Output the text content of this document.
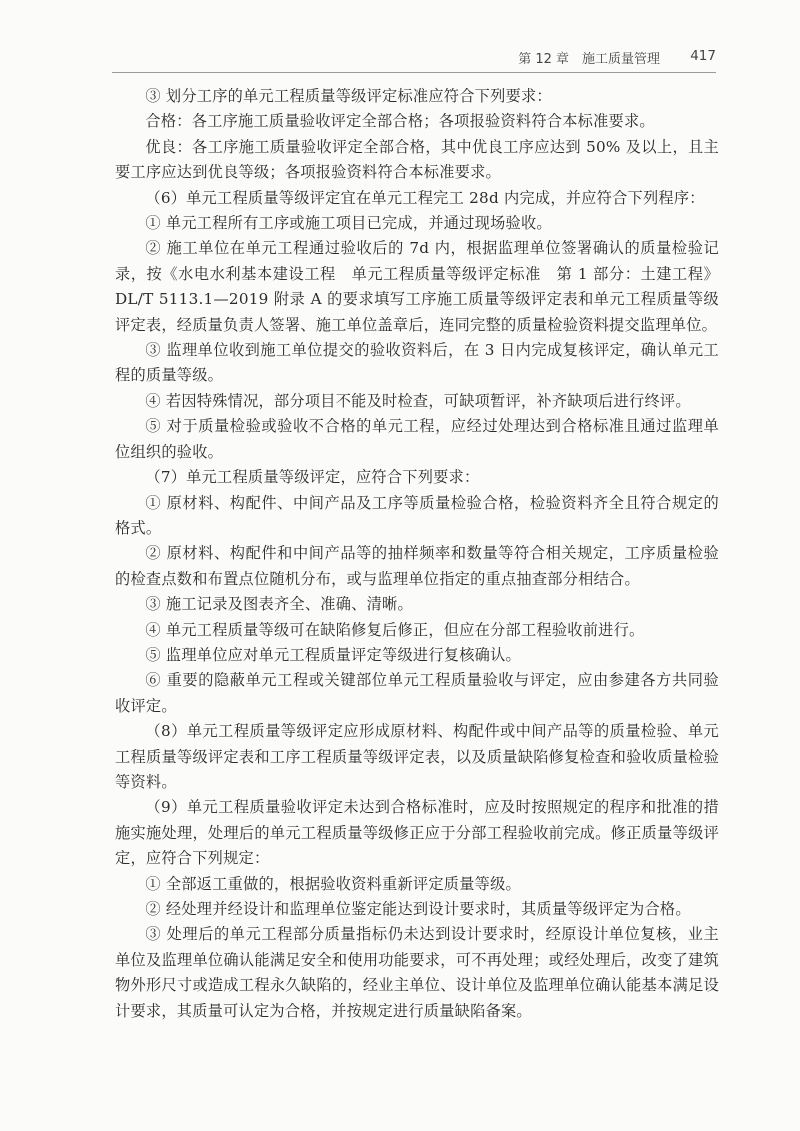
第 12 章　施工质量管理 417

③ 划分工序的单元工程质量等级评定标准应符合下列要求：

合格：各工序施工质量验收评定全部合格；各项报验资料符合本标准要求。

优良：各工序施工质量验收评定全部合格，其中优良工序应达到 50% 及以上，且主要工序应达到优良等级；各项报验资料符合本标准要求。

（6）单元工程质量等级评定宜在单元工程完工 28d 内完成，并应符合下列程序：

① 单元工程所有工序或施工项目已完成，并通过现场验收。

② 施工单位在单元工程通过验收后的 7d 内，根据监理单位签署确认的质量检验记录，按《水电水利基本建设工程　单元工程质量等级评定标准　第 1 部分：土建工程》DL/T 5113.1—2019 附录 A 的要求填写工序施工质量等级评定表和单元工程质量等级评定表，经质量负责人签署、施工单位盖章后，连同完整的质量检验资料提交监理单位。

③ 监理单位收到施工单位提交的验收资料后，在 3 日内完成复核评定，确认单元工程的质量等级。

④ 若因特殊情况，部分项目不能及时检查，可缺项暂评，补齐缺项后进行终评。

⑤ 对于质量检验或验收不合格的单元工程，应经过处理达到合格标准且通过监理单位组织的验收。

（7）单元工程质量等级评定，应符合下列要求：

① 原材料、构配件、中间产品及工序等质量检验合格，检验资料齐全且符合规定的格式。

② 原材料、构配件和中间产品等的抽样频率和数量等符合相关规定，工序质量检验的检查点数和布置点位随机分布，或与监理单位指定的重点抽查部分相结合。

③ 施工记录及图表齐全、准确、清晰。

④ 单元工程质量等级可在缺陷修复后修正，但应在分部工程验收前进行。

⑤ 监理单位应对单元工程质量评定等级进行复核确认。

⑥ 重要的隐蔽单元工程或关键部位单元工程质量验收与评定，应由参建各方共同验收评定。

（8）单元工程质量等级评定应形成原材料、构配件或中间产品等的质量检验、单元工程质量等级评定表和工序工程质量等级评定表，以及质量缺陷修复检查和验收质量检验等资料。

（9）单元工程质量验收评定未达到合格标准时，应及时按照规定的程序和批准的措施实施处理，处理后的单元工程质量等级修正应于分部工程验收前完成。修正质量等级评定，应符合下列规定：

① 全部返工重做的，根据验收资料重新评定质量等级。

② 经处理并经设计和监理单位鉴定能达到设计要求时，其质量等级评定为合格。

③ 处理后的单元工程部分质量指标仍未达到设计要求时，经原设计单位复核，业主单位及监理单位确认能满足安全和使用功能要求，可不再处理；或经处理后，改变了建筑物外形尺寸或造成工程永久缺陷的，经业主单位、设计单位及监理单位确认能基本满足设计要求，其质量可认定为合格，并按规定进行质量缺陷备案。
